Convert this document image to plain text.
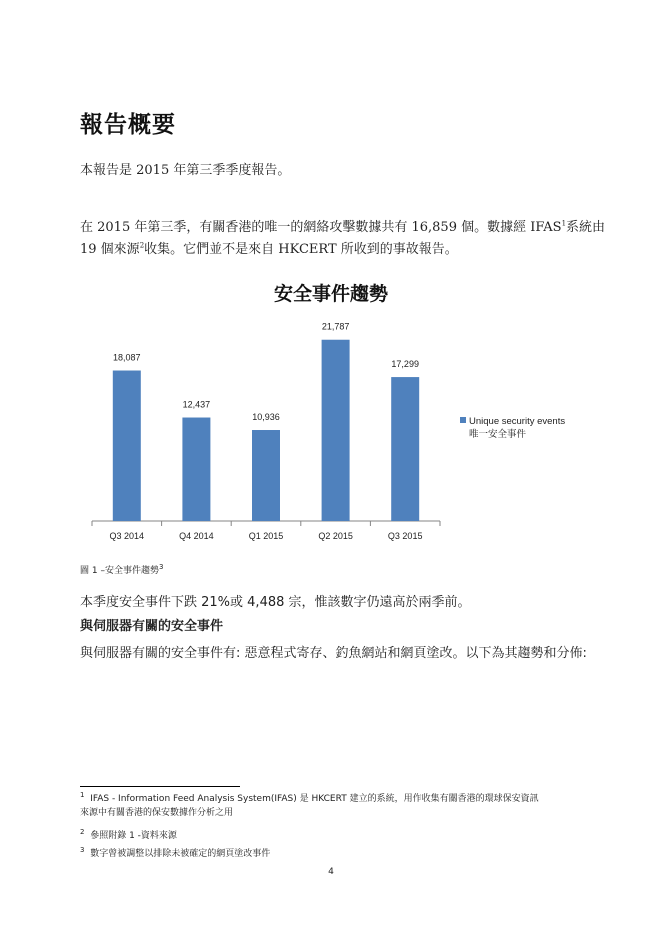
報告概要
本報告是 2015 年第三季季度報告。
在 2015 年第三季，有關香港的唯一的網絡攻擊數據共有 16,859 個。數據經 IFAS$^1$系統由
19 個來源$^2$收集。它們並不是來自 HKCERT 所收到的事故報告。
安全事件趨勢
18,087
Q3 2014
12,437
Q4 2014
10,936
Q1 2015
21,787
Q2 2015
17,299
Q3 2015
Unique security events
唯一安全事件
圖 1 –安全事件趨勢$^3$
本季度安全事件下跌 21%或 4,488 宗，惟該數字仍遠高於兩季前。
與伺服器有關的安全事件
與伺服器有關的安全事件有: 惡意程式寄存、釣魚網站和網頁塗改。以下為其趨勢和分佈:
$^1$ IFAS - Information Feed Analysis System(IFAS) 是 HKCERT 建立的系統，用作收集有關香港的環球保安資訊
來源中有關香港的保安數據作分析之用
$^2$ 參照附錄 1 -資料來源
$^3$ 數字曾被調整以排除未被確定的網頁塗改事件
4
